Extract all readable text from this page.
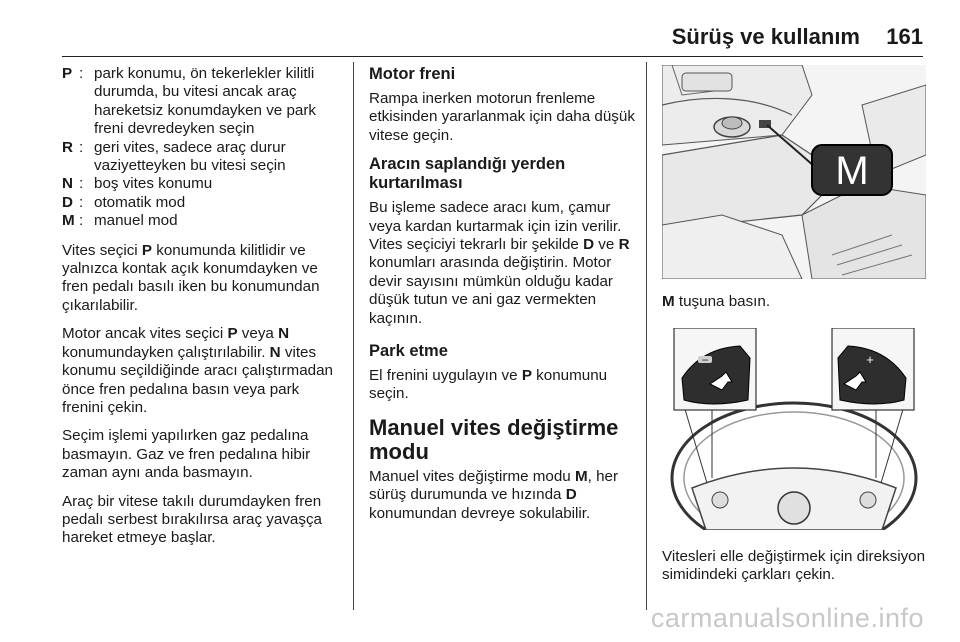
Sürüş ve kullanım 161
P : park konumu, ön tekerlekler kilitli durumda, bu vitesi ancak araç hareketsiz konumdayken ve park freni devredeyken seçin
R : geri vites, sadece araç durur vaziyetteyken bu vitesi seçin
N : boş vites konumu
D : otomatik mod
M : manuel mod

Vites seçici P konumunda kilitlidir ve yalnızca kontak açık konumdayken ve fren pedalı basılı iken bu konumundan çıkarılabilir.

Motor ancak vites seçici P veya N konumundayken çalıştırılabilir. N vites konumu seçildiğinde aracı çalıştırmadan önce fren pedalına basın veya park frenini çekin.

Seçim işlemi yapılırken gaz pedalına basmayın. Gaz ve fren pedalına hibir zaman aynı anda basmayın.

Araç bir vitese takılı durumdayken fren pedalı serbest bırakılırsa araç yavaşça hareket etmeye başlar.

Motor freni

Rampa inerken motorun frenleme etkisinden yararlanmak için daha düşük vitese geçin.

Aracın saplandığı yerden kurtarılması

Bu işleme sadece aracı kum, çamur veya kardan kurtarmak için izin verilir. Vites seçiciyi tekrarlı bir şekilde D ve R konumları arasında değiştirin. Motor devir sayısını mümkün olduğu kadar düşük tutun ve ani gaz vermekten kaçının.

Park etme

El frenini uygulayın ve P konumunu seçin.

Manuel vites değiştirme modu

Manuel vites değiştirme modu M, her sürüş durumunda ve hızında D konumundan devreye sokulabilir.

M
M tuşuna basın.
−	+
Vitesleri elle değiştirmek için direksiyon simidindeki çarkları çekin.
carmanualsonline.info
